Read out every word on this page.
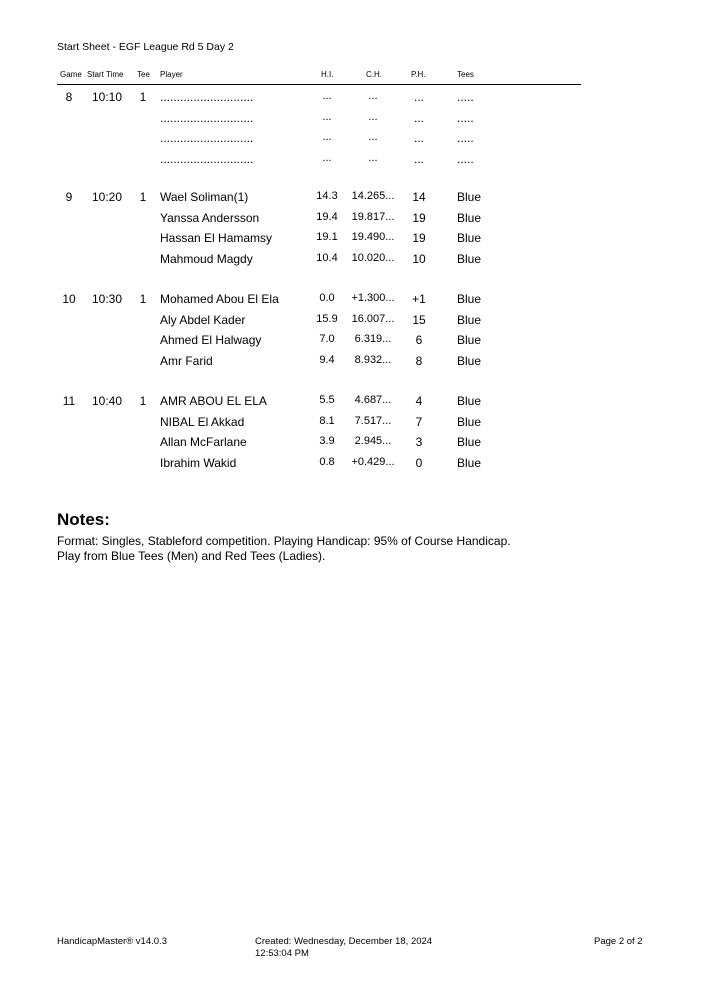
Start Sheet - EGF League Rd 5 Day 2
Game Start Time Tee Player	H.I.	C.H.	P.H.	Tees
8 10:10 1 ............................	...	...	...	.....
............................	...	...	...	.....
............................	...	...	...	.....
............................	...	...	...	.....
9 10:20 1 Wael Soliman(1)	14.3 14.265... 14	Blue
Yanssa Andersson	19.4 19.817... 19	Blue
Hassan El Hamamsy	19.1 19.490... 19	Blue
Mahmoud Magdy	10.4 10.020... 10	Blue
10 10:30 1 Mohamed Abou El Ela	0.0 +1.300... +1	Blue
Aly Abdel Kader	15.9 16.007... 15	Blue
Ahmed El Halwagy	7.0 6.319... 6	Blue
Amr Farid	9.4 8.932... 8	Blue
11 10:40 1 AMR ABOU EL ELA	5.5 4.687... 4	Blue
NIBAL El Akkad	8.1 7.517... 7	Blue
Allan McFarlane	3.9 2.945... 3	Blue
Ibrahim Wakid	0.8 +0.429... 0	Blue
Notes:
Format: Singles, Stableford competition. Playing Handicap: 95% of Course Handicap.
Play from Blue Tees (Men) and Red Tees (Ladies).
HandicapMaster® v14.0.3	Created: Wednesday, December 18, 2024
12:53:04 PM
Page 2 of 2
